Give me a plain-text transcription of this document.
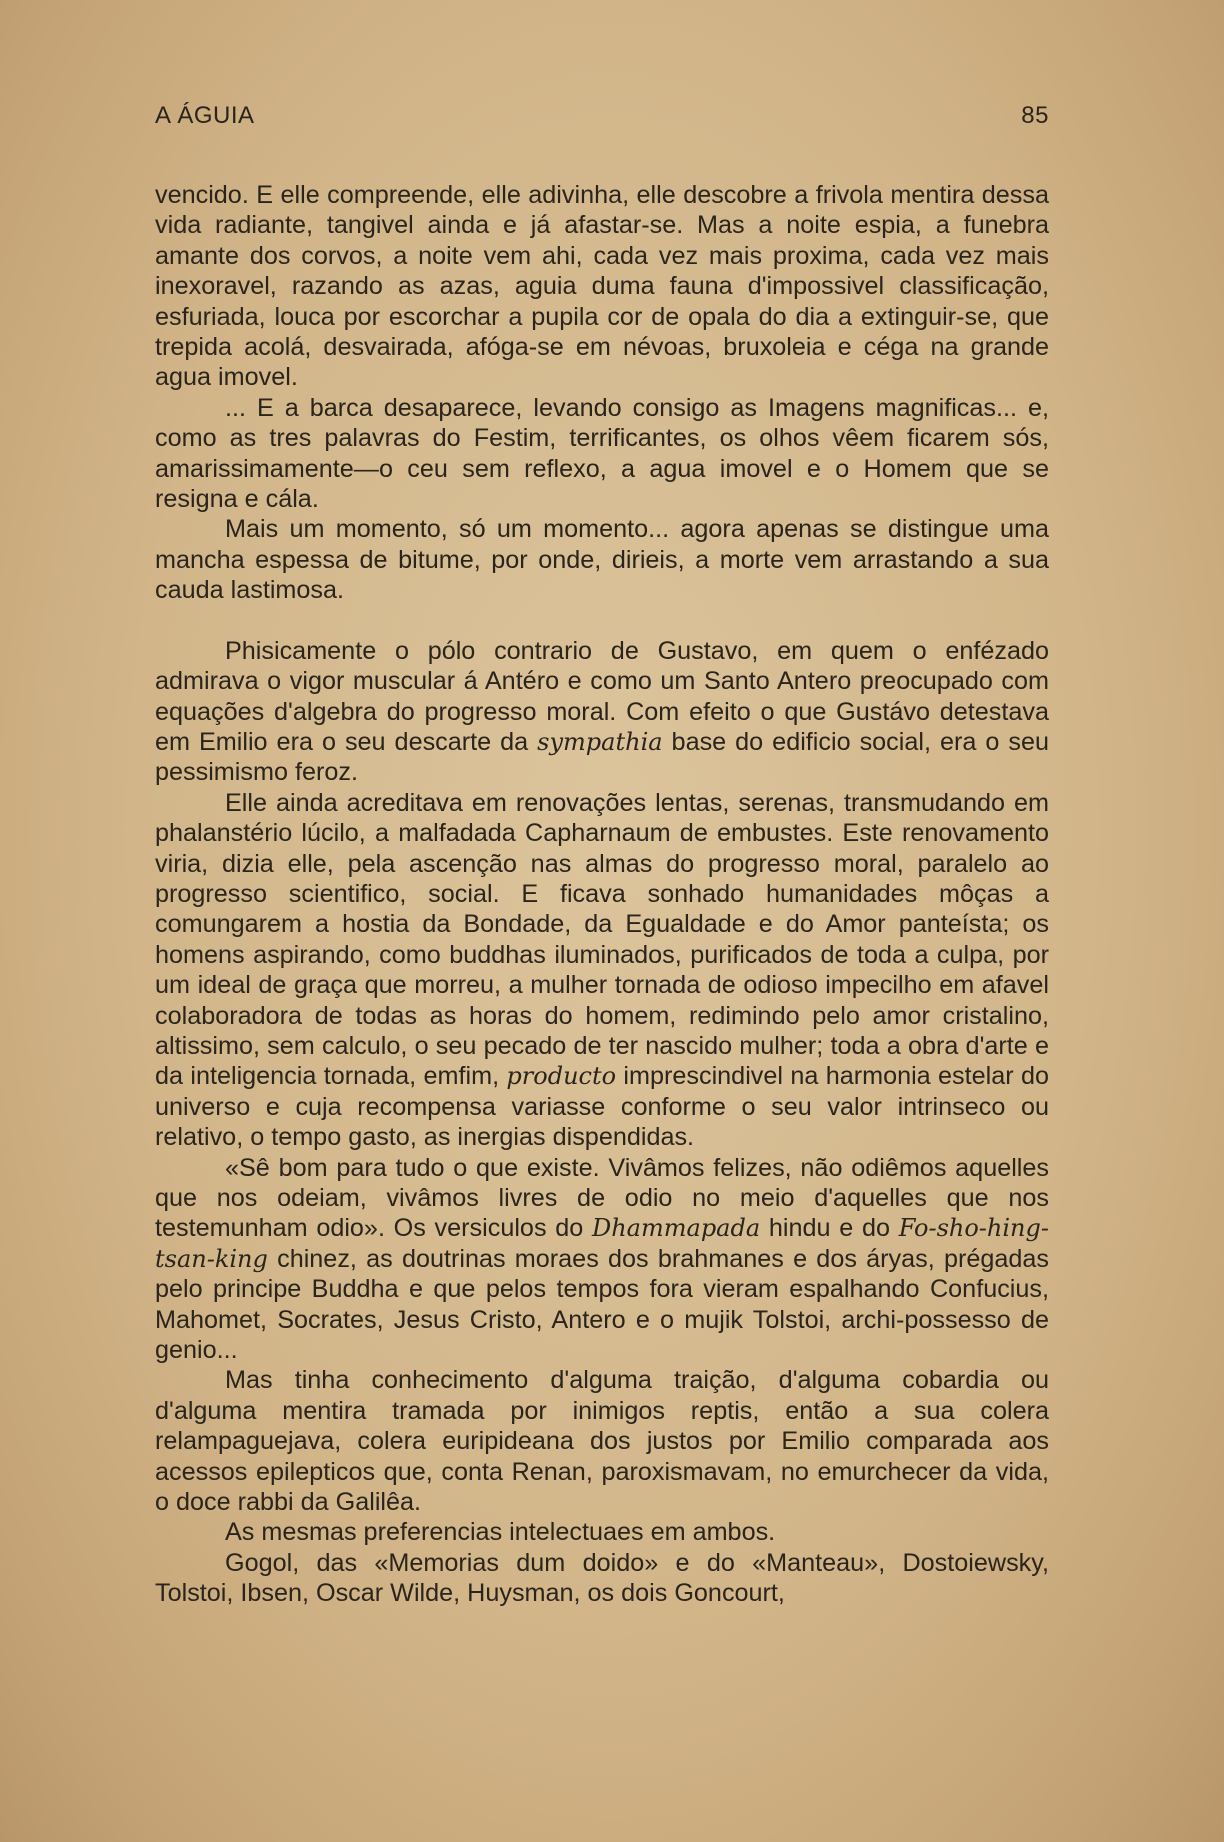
A ÁGUIA	85

vencido. E elle compreende, elle adivinha, elle descobre a frivola mentira dessa vida radiante, tangivel ainda e já afastar-se. Mas a noite espia, a funebra amante dos corvos, a noite vem ahi, cada vez mais proxima, cada vez mais inexoravel, razando as azas, aguia duma fauna d'impossivel classificação, esfuriada, louca por escorchar a pupila cor de opala do dia a extinguir-se, que trepida acolá, desvairada, afóga-se em névoas, bruxoleia e céga na grande agua imovel.

... E a barca desaparece, levando consigo as Imagens magnificas... e, como as tres palavras do Festim, terrificantes, os olhos vêem ficarem sós, amarissimamente—o ceu sem reflexo, a agua imovel e o Homem que se resigna e cála.

Mais um momento, só um momento... agora apenas se distingue uma mancha espessa de bitume, por onde, dirieis, a morte vem arrastando a sua cauda lastimosa.

Phisicamente o pólo contrario de Gustavo, em quem o enfézado admirava o vigor muscular á Antéro e como um Santo Antero preocupado com equações d'algebra do progresso moral. Com efeito o que Gustávo detestava em Emilio era o seu descarte da sympathia base do edificio social, era o seu pessimismo feroz.

Elle ainda acreditava em renovações lentas, serenas, transmudando em phalanstério lúcilo, a malfadada Capharnaum de embustes. Este renovamento viria, dizia elle, pela ascenção nas almas do progresso moral, paralelo ao progresso scientifico, social. E ficava sonhado humanidades môças a comungarem a hostia da Bondade, da Egualdade e do Amor panteísta; os homens aspirando, como buddhas iluminados, purificados de toda a culpa, por um ideal de graça que morreu, a mulher tornada de odioso impecilho em afavel colaboradora de todas as horas do homem, redimindo pelo amor cristalino, altissimo, sem calculo, o seu pecado de ter nascido mulher; toda a obra d'arte e da inteligencia tornada, emfim, producto imprescindivel na harmonia estelar do universo e cuja recompensa variasse conforme o seu valor intrinseco ou relativo, o tempo gasto, as inergias dispendidas.

«Sê bom para tudo o que existe. Vivâmos felizes, não odiêmos aquelles que nos odeiam, vivâmos livres de odio no meio d'aquelles que nos testemunham odio». Os versiculos do Dhammapada hindu e do Fo-sho-hing-tsan-king chinez, as doutrinas moraes dos brahmanes e dos áryas, prégadas pelo principe Buddha e que pelos tempos fora vieram espalhando Confucius, Mahomet, Socrates, Jesus Cristo, Antero e o mujik Tolstoi, archi-possesso de genio...

Mas tinha conhecimento d'alguma traição, d'alguma cobardia ou d'alguma mentira tramada por inimigos reptis, então a sua colera relampaguejava, colera euripideana dos justos por Emilio comparada aos acessos epilepticos que, conta Renan, paroxismavam, no emurchecer da vida, o doce rabbi da Galilêa.

As mesmas preferencias intelectuaes em ambos.

Gogol, das «Memorias dum doido» e do «Manteau», Dostoiewsky, Tolstoi, Ibsen, Oscar Wilde, Huysman, os dois Goncourt,
